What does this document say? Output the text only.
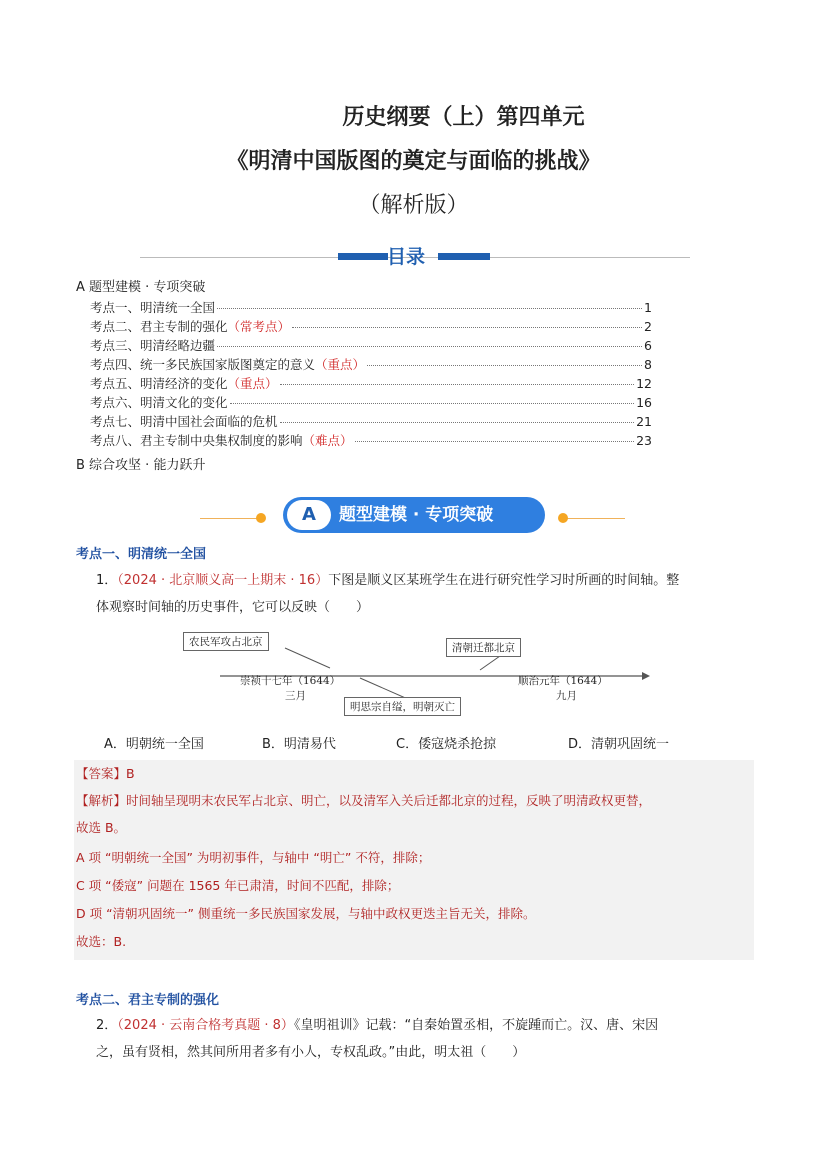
历史纲要（上）第四单元
《明清中国版图的奠定与面临的挑战》
（解析版）
目录
A 题型建模 · 专项突破
考点一、明清统一全国	1
考点二、君主专制的强化 （常考点）	2
考点三、明清经略边疆	6
考点四、统一多民族国家版图奠定的意义 （重点）	8
考点五、明清经济的变化 （重点）	12
考点六、明清文化的变化	16
考点七、明清中国社会面临的危机	21
考点八、君主专制中央集权制度的影响 （难点）	23
B 综合攻坚 · 能力跃升
A	题型建模 · 专项突破
考点一、明清统一全国
1．（2024 · 北京顺义高一上期末 · 16）下图是顺义区某班学生在进行研究性学习时所画的时间轴。整
体观察时间轴的历史事件，它可以反映（　　）
农民军攻占北京
明思宗自缢，明朝灭亡
清朝迁都北京
崇祯十七年（1644）
三月
顺治元年（1644）
九月
A．明朝统一全国	B．明清易代	C．倭寇烧杀抢掠	D．清朝巩固统一
【答案】B
【解析】时间轴呈现明末农民军占北京、明亡，以及清军入关后迁都北京的过程，反映了明清政权更替，
故选 B。
A 项 “明朝统一全国” 为明初事件，与轴中 “明亡” 不符，排除；
C 项 “倭寇” 问题在 1565 年已肃清，时间不匹配，排除；
D 项 “清朝巩固统一” 侧重统一多民族国家发展，与轴中政权更迭主旨无关，排除。
故选：B.
考点二、君主专制的强化
2．（2024 · 云南合格考真题 · 8）《皇明祖训》记载：“自秦始置丞相，不旋踵而亡。汉、唐、宋因
之，虽有贤相，然其间所用者多有小人，专权乱政。”由此，明太祖（　　）
